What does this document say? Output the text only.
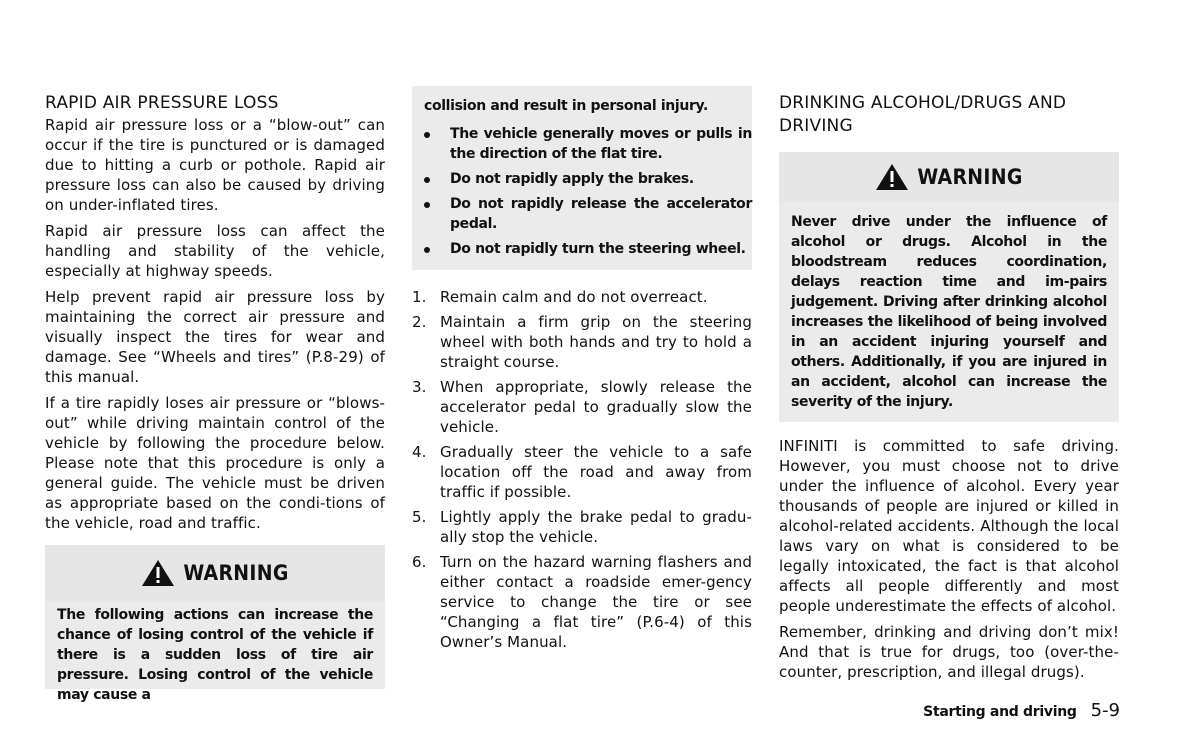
RAPID AIR PRESSURE LOSS

Rapid air pressure loss or a “blow-out” can occur if the tire is punctured or is damaged due to hitting a curb or pothole. Rapid air pressure loss can also be caused by driving on under-inflated tires.

Rapid air pressure loss can affect the handling and stability of the vehicle, especially at highway speeds.

Help prevent rapid air pressure loss by maintaining the correct air pressure and visually inspect the tires for wear and damage. See “Wheels and tires” (P.8-29) of this manual.

If a tire rapidly loses air pressure or “blows-out” while driving maintain control of the vehicle by following the procedure below. Please note that this procedure is only a general guide. The vehicle must be driven as appropriate based on the condi-tions of the vehicle, road and traffic.

WARNING
The following actions can increase the chance of losing control of the vehicle if there is a sudden loss of tire air pressure. Losing control of the vehicle may cause a
collision and result in personal injury.
The vehicle generally moves or pulls in the direction of the flat tire.
Do not rapidly apply the brakes.
Do not rapidly release the accelerator pedal.
Do not rapidly turn the steering wheel.
1. Remain calm and do not overreact.
2. Maintain a firm grip on the steering wheel with both hands and try to hold a straight course.
3. When appropriate, slowly release the accelerator pedal to gradually slow the vehicle.
4. Gradually steer the vehicle to a safe location off the road and away from traffic if possible.
5. Lightly apply the brake pedal to gradu-ally stop the vehicle.
6. Turn on the hazard warning flashers and either contact a roadside emer-gency service to change the tire or see “Changing a flat tire” (P.6-4) of this Owner’s Manual.
DRINKING ALCOHOL/DRUGS AND DRIVING
WARNING
Never drive under the influence of alcohol or drugs. Alcohol in the bloodstream reduces coordination, delays reaction time and im-pairs judgement. Driving after drinking alcohol increases the likelihood of being involved in an accident injuring yourself and others. Additionally, if you are injured in an accident, alcohol can increase the severity of the injury.

INFINITI is committed to safe driving. However, you must choose not to drive under the influence of alcohol. Every year thousands of people are injured or killed in alcohol-related accidents. Although the local laws vary on what is considered to be legally intoxicated, the fact is that alcohol affects all people differently and most people underestimate the effects of alcohol.

Remember, drinking and driving don’t mix! And that is true for drugs, too (over-the-counter, prescription, and illegal drugs).

Starting and driving 5-9
